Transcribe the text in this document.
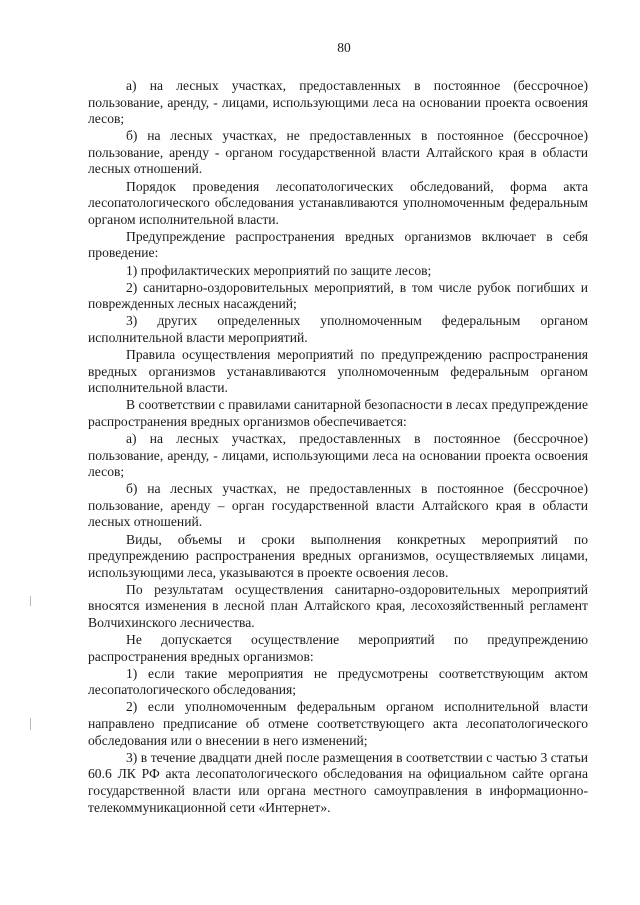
80

а) на лесных участках, предоставленных в постоянное (бессрочное) пользование, аренду, - лицами, использующими леса на основании проекта освоения лесов;

б) на лесных участках, не предоставленных в постоянное (бессрочное) пользование, аренду - органом государственной власти Алтайского края в области лесных отношений.

Порядок проведения лесопатологических обследований, форма акта лесопатологического обследования устанавливаются уполномоченным федеральным органом исполнительной власти.

Предупреждение распространения вредных организмов включает в себя проведение:

1) профилактических мероприятий по защите лесов;

2) санитарно-оздоровительных мероприятий, в том числе рубок погибших и поврежденных лесных насаждений;

3) других определенных уполномоченным федеральным органом исполнительной власти мероприятий.

Правила осуществления мероприятий по предупреждению распространения вредных организмов устанавливаются уполномоченным федеральным органом исполнительной власти.

В соответствии с правилами санитарной безопасности в лесах предупреждение распространения вредных организмов обеспечивается:

а) на лесных участках, предоставленных в постоянное (бессрочное) пользование, аренду, - лицами, использующими леса на основании проекта освоения лесов;

б) на лесных участках, не предоставленных в постоянное (бессрочное) пользование, аренду – орган государственной власти Алтайского края в области лесных отношений.

Виды, объемы и сроки выполнения конкретных мероприятий по предупреждению распространения вредных организмов, осуществляемых лицами, использующими леса, указываются в проекте освоения лесов.

По результатам осуществления санитарно-оздоровительных мероприятий вносятся изменения в лесной план Алтайского края, лесохозяйственный регламент Волчихинского лесничества.

Не допускается осуществление мероприятий по предупреждению распространения вредных организмов:

1) если такие мероприятия не предусмотрены соответствующим актом лесопатологического обследования;

2) если уполномоченным федеральным органом исполнительной власти направлено предписание об отмене соответствующего акта лесопатологического обследования или о внесении в него изменений;

3) в течение двадцати дней после размещения в соответствии с частью 3 статьи 60.6 ЛК РФ акта лесопатологического обследования на официальном сайте органа государственной власти или органа местного самоуправления в информационно-телекоммуникационной сети «Интернет».
